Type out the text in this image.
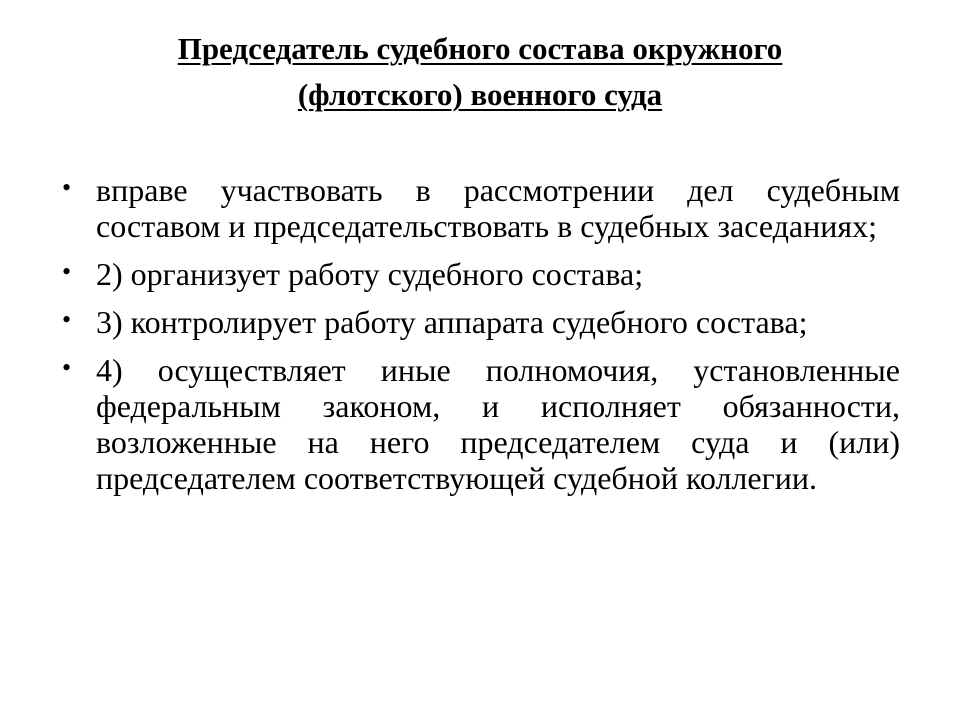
Председатель судебного состава окружного
(флотского) военного суда
• вправе участвовать в рассмотрении дел судебным составом и председательствовать в судебных заседаниях;
• 2) организует работу судебного состава;
• 3) контролирует работу аппарата судебного состава;
• 4) осуществляет иные полномочия, установленные федеральным законом, и исполняет обязанности, возложенные на него председателем суда и (или) председателем соответствующей судебной коллегии.
